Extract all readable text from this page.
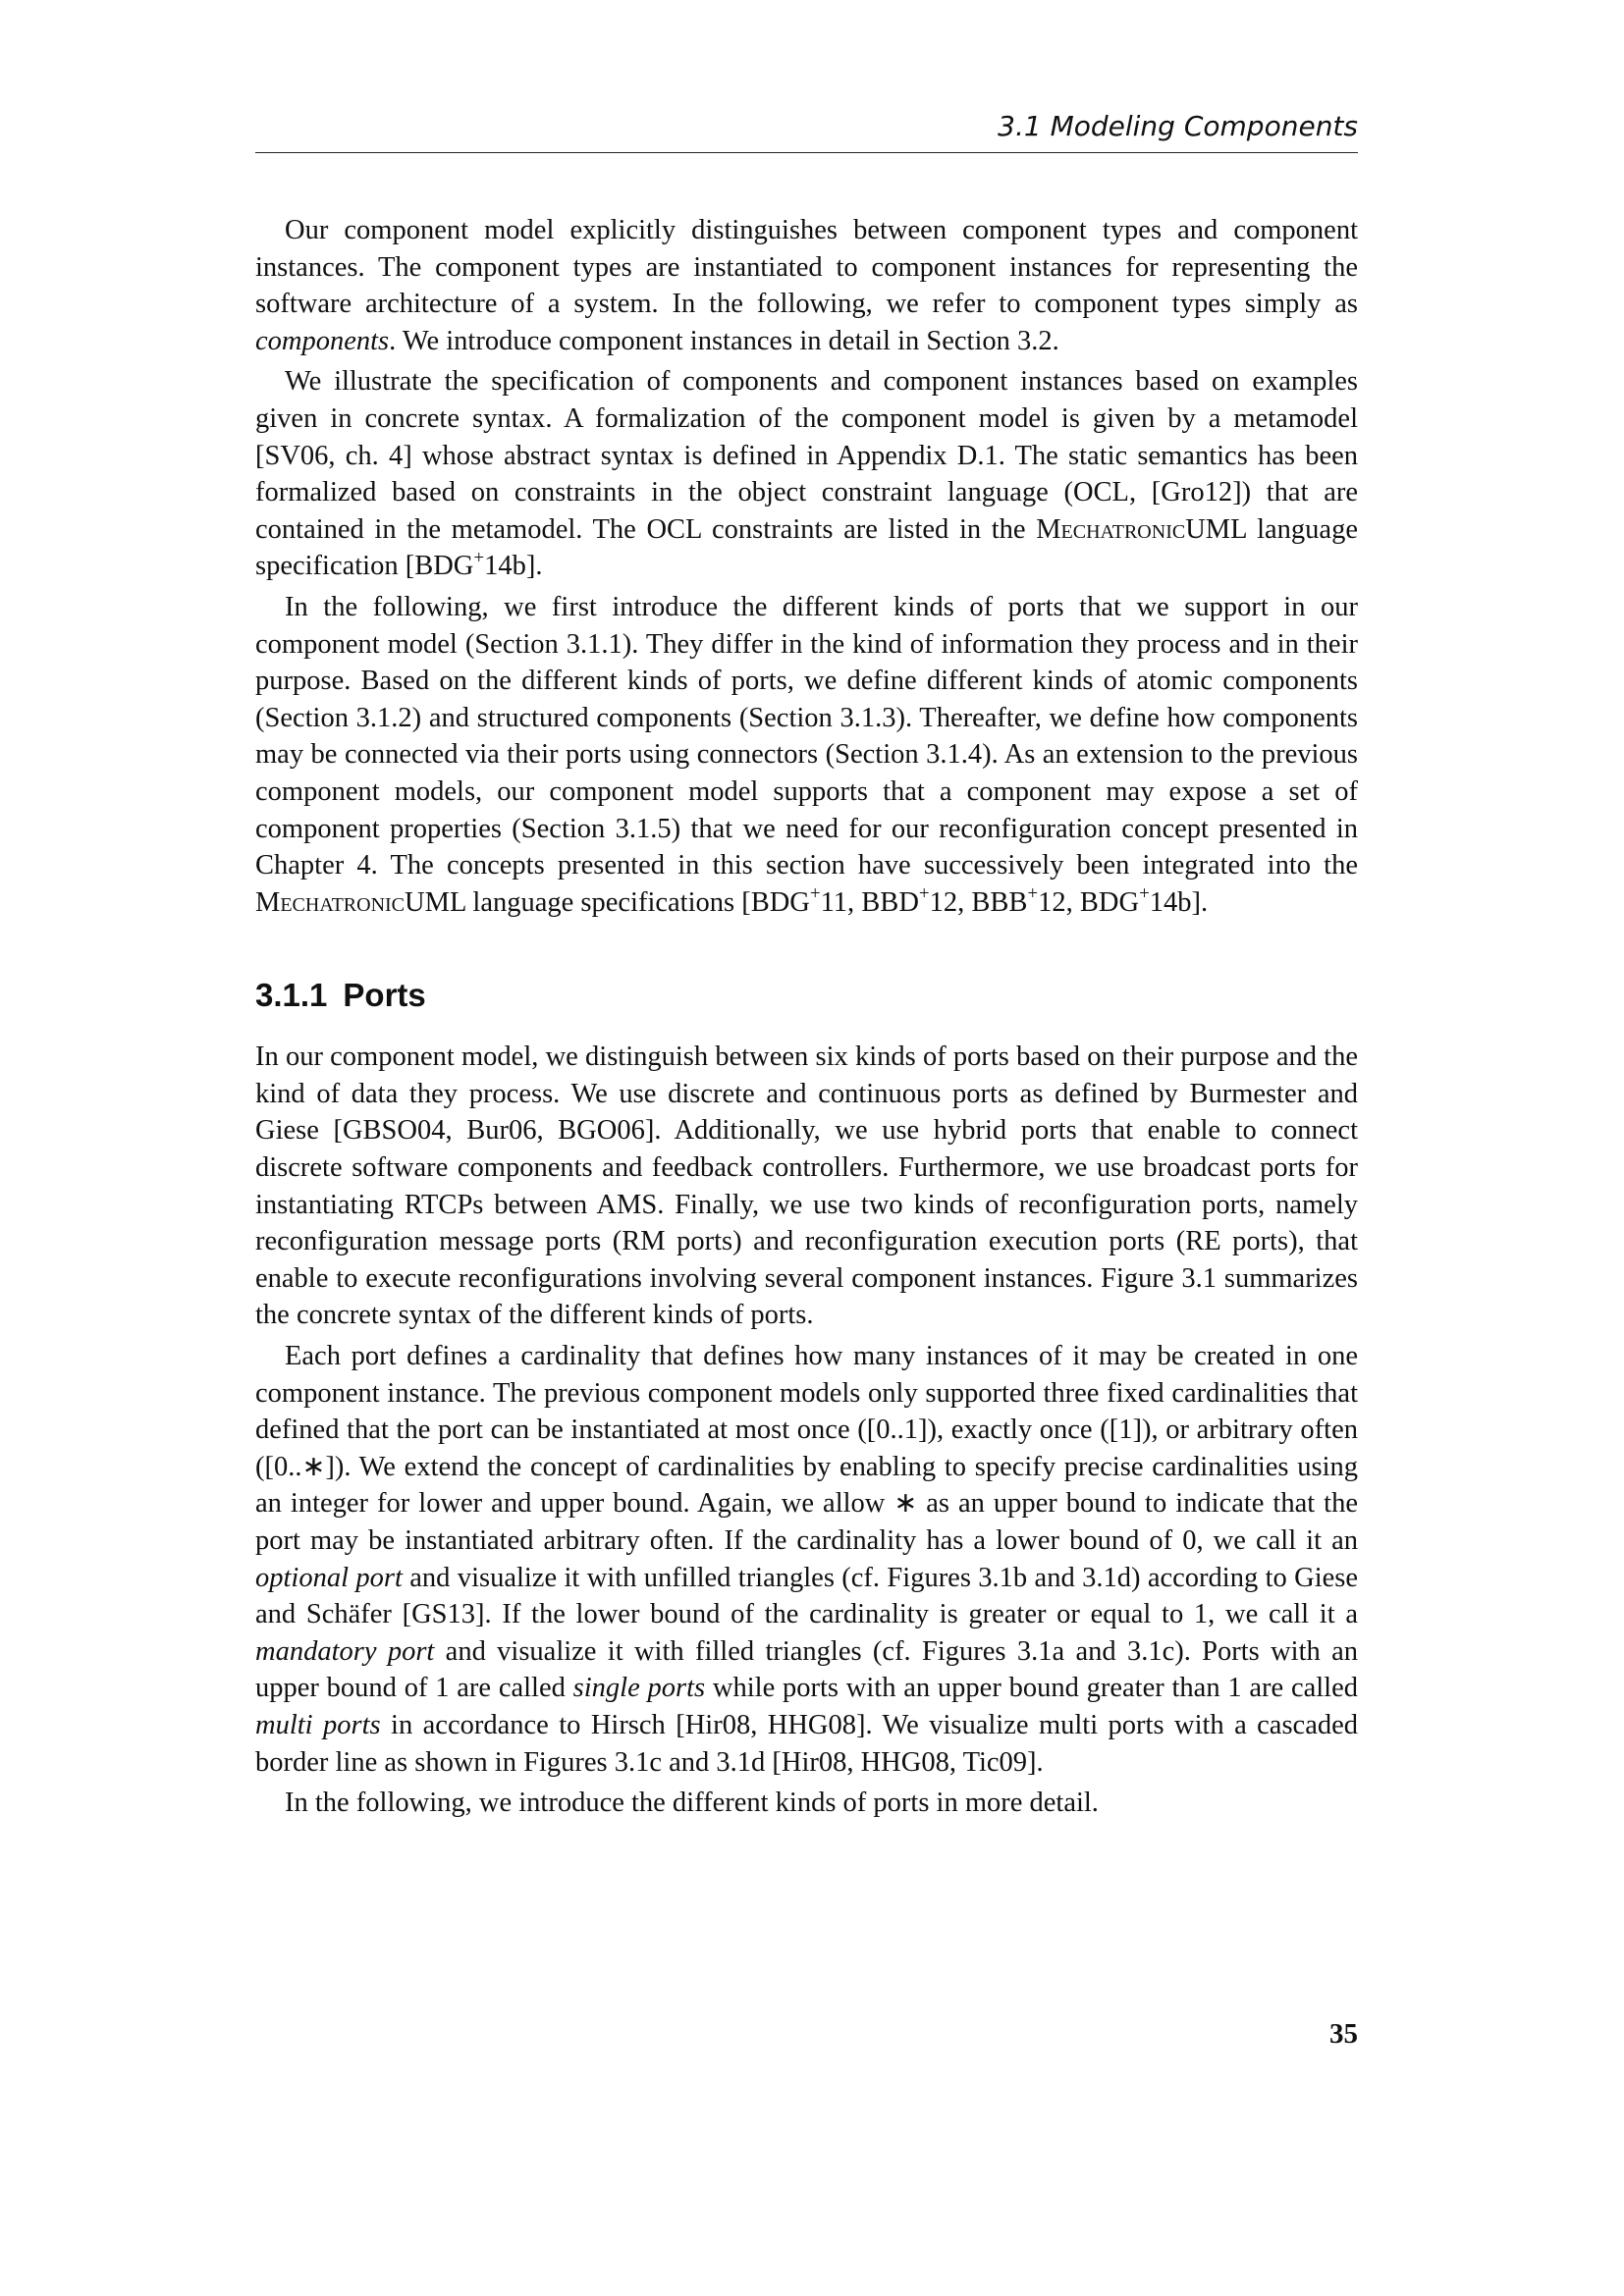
3.1 Modeling Components

Our component model explicitly distinguishes between component types and component instances. The component types are instantiated to component instances for representing the software architecture of a system. In the following, we refer to component types simply as components. We introduce component instances in detail in Section 3.2.

We illustrate the specification of components and component instances based on examples given in concrete syntax. A formalization of the component model is given by a metamodel [SV06, ch. 4] whose abstract syntax is defined in Appendix D.1. The static semantics has been formalized based on constraints in the object constraint language (OCL, [Gro12]) that are contained in the metamodel. The OCL constraints are listed in the MechatronicUML language specification [BDG+14b].

In the following, we first introduce the different kinds of ports that we support in our component model (Section 3.1.1). They differ in the kind of information they process and in their purpose. Based on the different kinds of ports, we define different kinds of atomic components (Section 3.1.2) and structured components (Section 3.1.3). Thereafter, we define how components may be connected via their ports using connectors (Section 3.1.4). As an extension to the previous component models, our component model supports that a component may expose a set of component properties (Section 3.1.5) that we need for our reconfiguration concept presented in Chapter 4. The concepts presented in this section have successively been integrated into the MechatronicUML language specifications [BDG+11, BBD+12, BBB+12, BDG+14b].

3.1.1 Ports

In our component model, we distinguish between six kinds of ports based on their purpose and the kind of data they process. We use discrete and continuous ports as defined by Burmester and Giese [GBSO04, Bur06, BGO06]. Additionally, we use hybrid ports that enable to connect discrete software components and feedback controllers. Furthermore, we use broadcast ports for instantiating RTCPs between AMS. Finally, we use two kinds of reconfiguration ports, namely reconfiguration message ports (RM ports) and reconfiguration execution ports (RE ports), that enable to execute reconfigurations involving several component instances. Figure 3.1 summarizes the concrete syntax of the different kinds of ports.

Each port defines a cardinality that defines how many instances of it may be created in one component instance. The previous component models only supported three fixed cardinalities that defined that the port can be instantiated at most once ([0..1]), exactly once ([1]), or arbitrary often ([0..∗]). We extend the concept of cardinalities by enabling to specify precise cardinalities using an integer for lower and upper bound. Again, we allow ∗ as an upper bound to indicate that the port may be instantiated arbitrary often. If the cardinality has a lower bound of 0, we call it an optional port and visualize it with unfilled triangles (cf. Figures 3.1b and 3.1d) according to Giese and Schäfer [GS13]. If the lower bound of the cardinality is greater or equal to 1, we call it a mandatory port and visualize it with filled triangles (cf. Figures 3.1a and 3.1c). Ports with an upper bound of 1 are called single ports while ports with an upper bound greater than 1 are called multi ports in accordance to Hirsch [Hir08, HHG08]. We visualize multi ports with a cascaded border line as shown in Figures 3.1c and 3.1d [Hir08, HHG08, Tic09].

In the following, we introduce the different kinds of ports in more detail.

35
